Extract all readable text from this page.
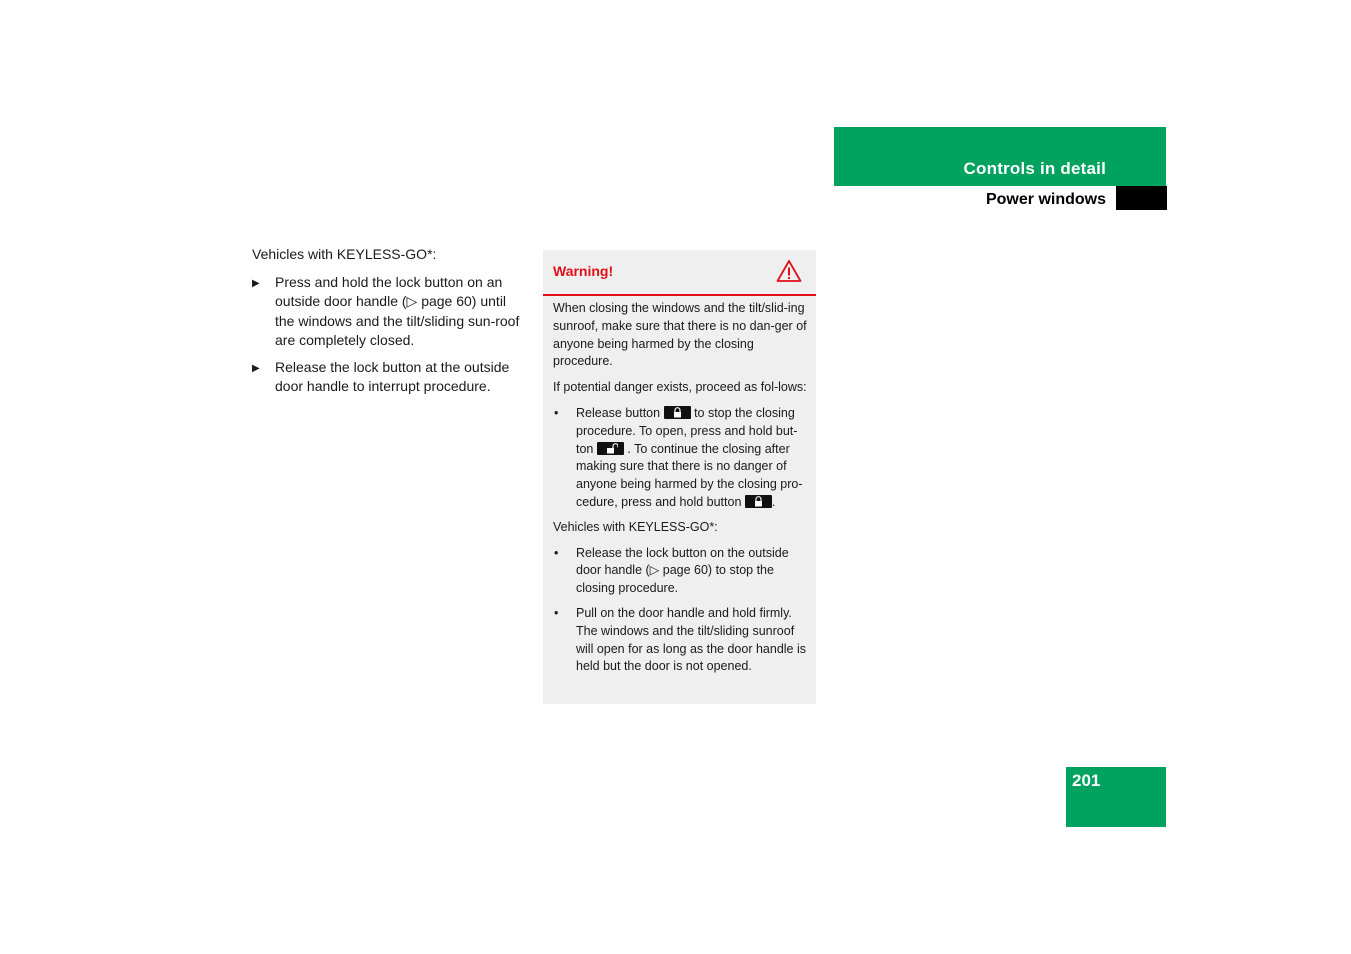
Controls in detail
Power windows

Vehicles with KEYLESS-GO*:

▶ Press and hold the lock button on an outside door handle (▷ page 60) until the windows and the tilt/sliding sun-roof are completely closed.
▶ Release the lock button at the outside door handle to interrupt procedure.
Warning!

When closing the windows and the tilt/slid-ing sunroof, make sure that there is no dan-ger of anyone being harmed by the closing procedure.

If potential danger exists, proceed as fol-lows:

• Release button	to stop the closing procedure. To open, press and hold but-ton	. To continue the closing after making sure that there is no danger of anyone being harmed by the closing pro-cedure, press and hold button .

Vehicles with KEYLESS-GO*:

• Release the lock button on the outside door handle (▷ page 60) to stop the closing procedure.
• Pull on the door handle and hold firmly. The windows and the tilt/sliding sunroof will open for as long as the door handle is held but the door is not opened.
201
